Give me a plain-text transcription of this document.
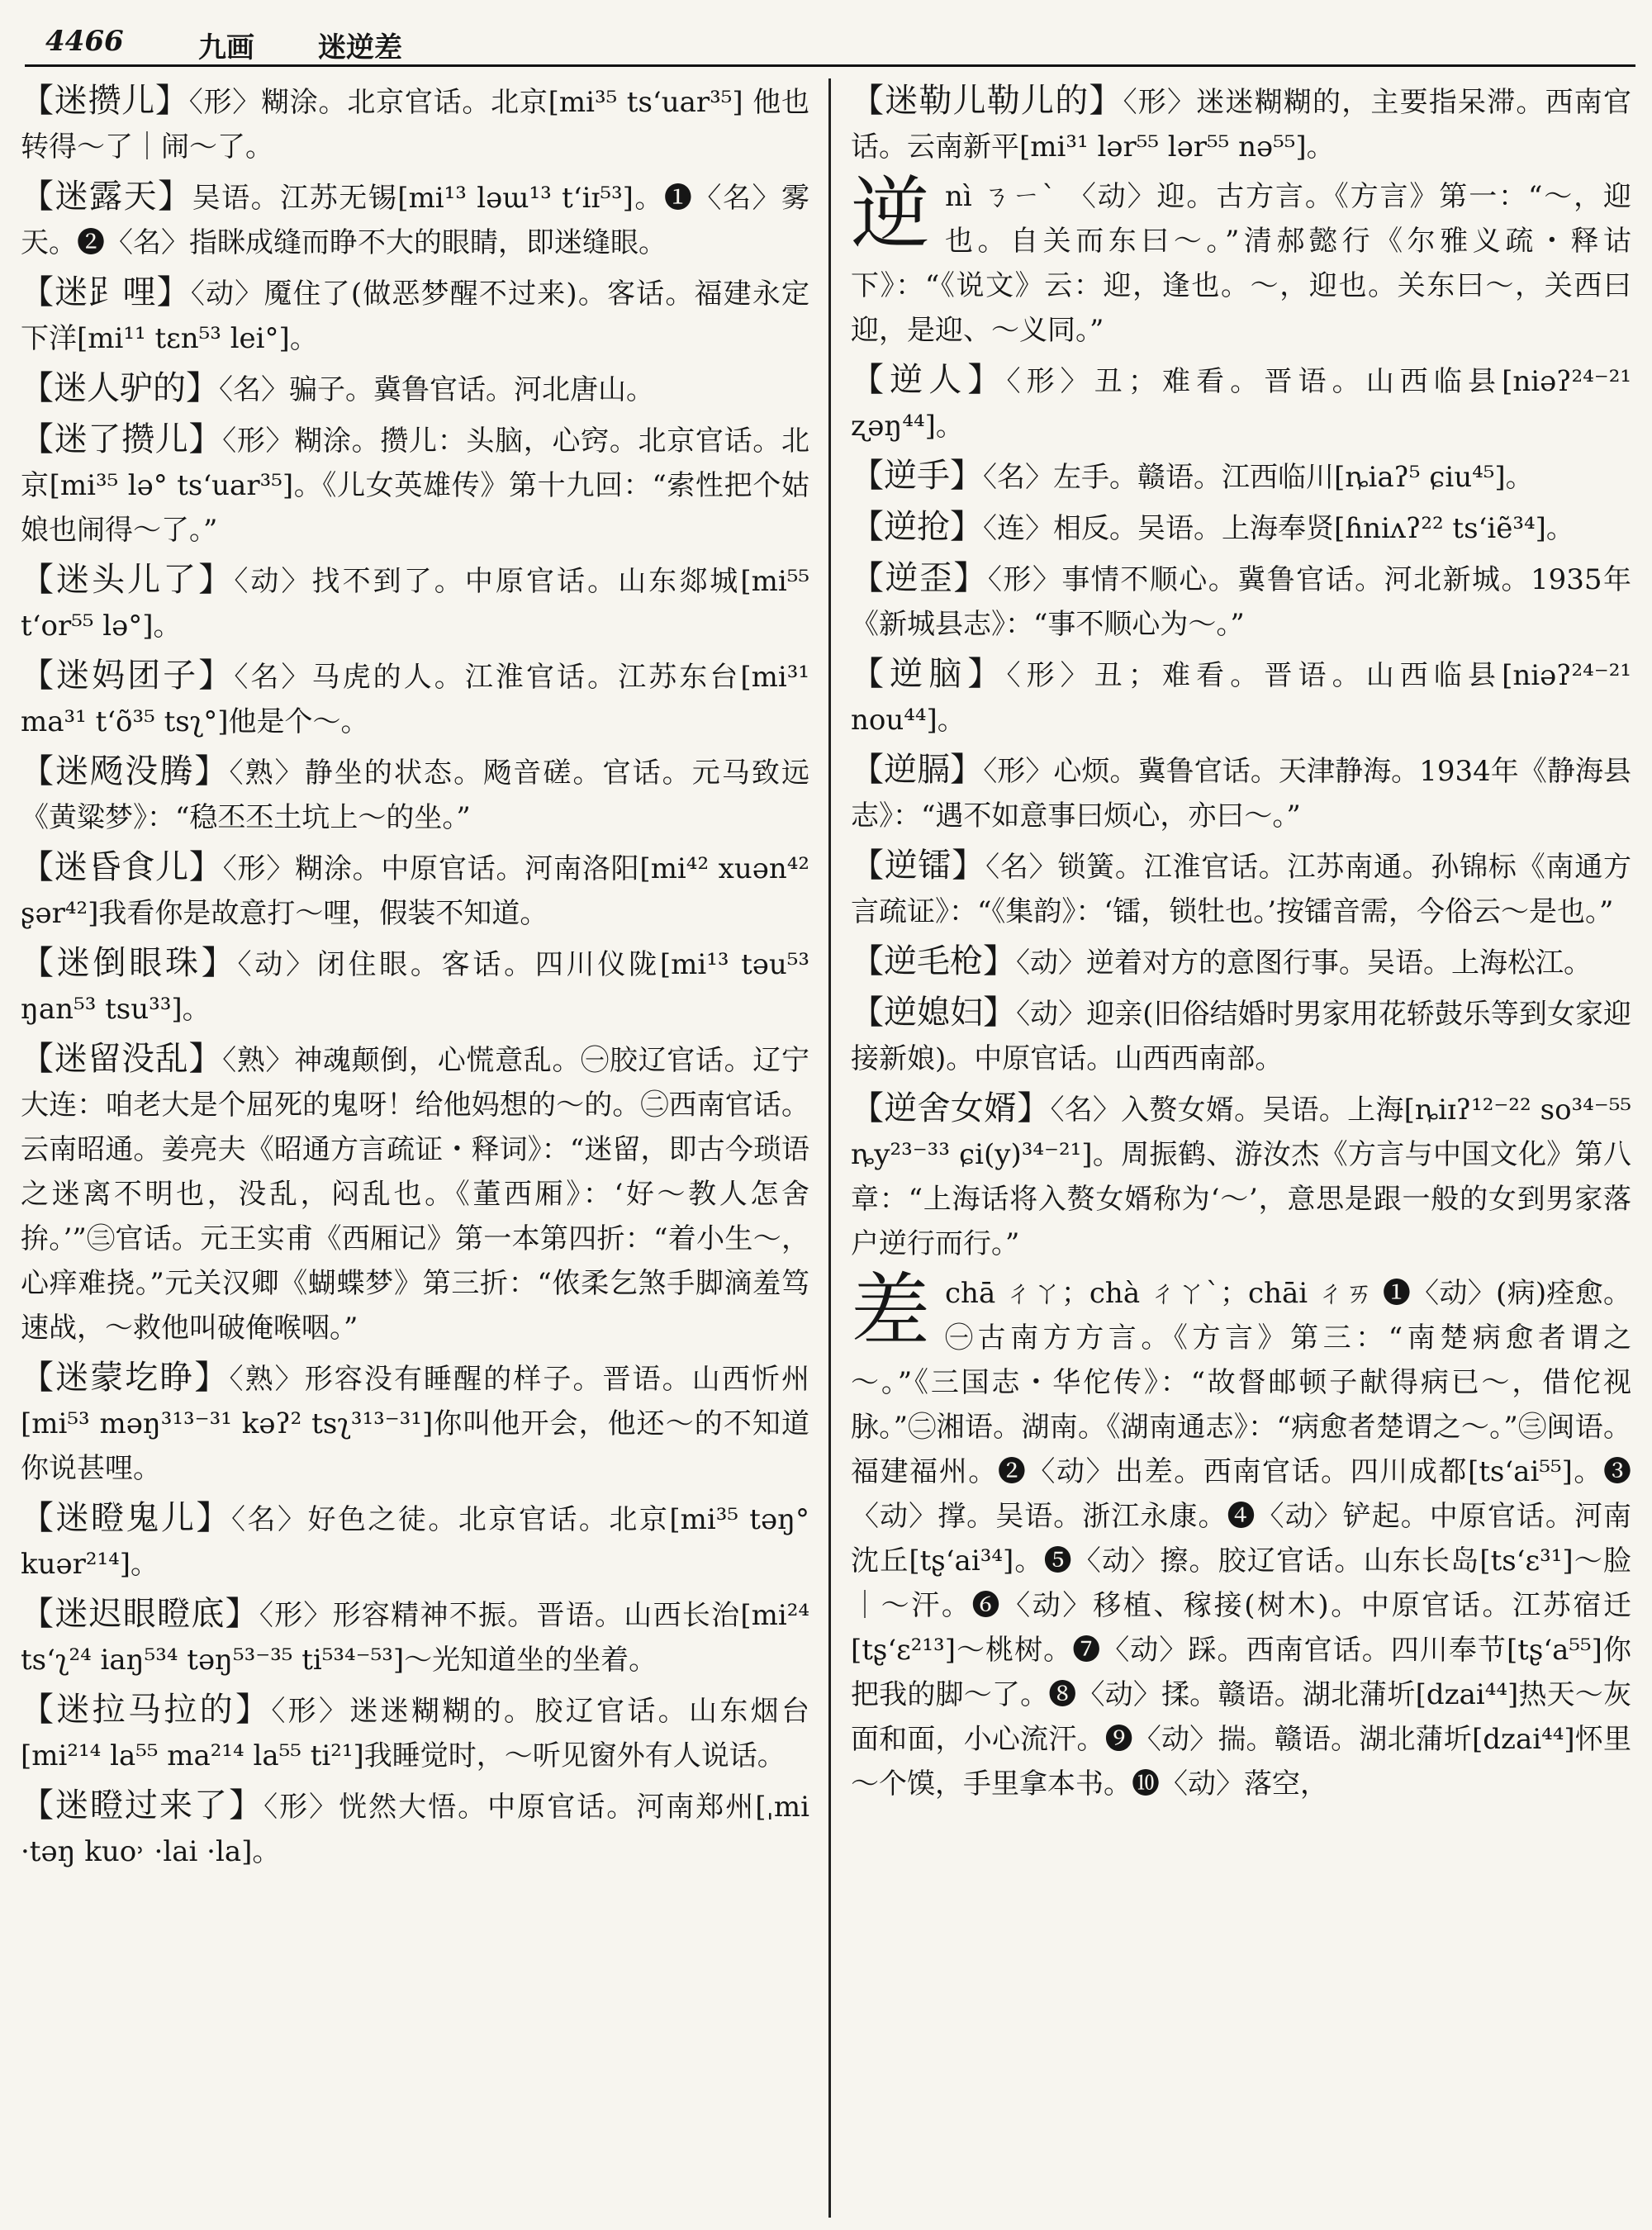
4466	九画 迷逆差

【迷攒儿】〈形〉糊涂。北京官话。北京[mi³⁵ ts‘uar³⁵] 他也转得～了｜闹～了。

【迷露天】吴语。江苏无锡[mi¹³ ləɯ¹³ t‘iɪ⁵³]。❶〈名〉雾天。❷〈名〉指眯成缝而睁不大的眼睛，即迷缝眼。

【迷𧾷哩】〈动〉魇住了(做恶梦醒不过来)。客话。福建永定下洋[mi¹¹ tɛn⁵³ lei°]。

【迷人驴的】〈名〉骗子。冀鲁官话。河北唐山。

【迷了攒儿】〈形〉糊涂。攒儿：头脑，心窍。北京官话。北京[mi³⁵ lə° ts‘uar³⁵]。《儿女英雄传》第十九回：“索性把个姑娘也闹得～了。”

【迷头儿了】〈动〉找不到了。中原官话。山东郯城[mi⁵⁵ t‘or⁵⁵ lə°]。

【迷妈团子】〈名〉马虎的人。江淮官话。江苏东台[mi³¹ ma³¹ t‘õ³⁵ tsʅ°]他是个～。

【迷飏没腾】〈熟〉静坐的状态。飏音磋。官话。元马致远《黄粱梦》：“稳丕丕土坑上～的坐。”

【迷昏食儿】〈形〉糊涂。中原官话。河南洛阳[mi⁴² xuən⁴² ʂər⁴²]我看你是故意打～哩，假装不知道。

【迷倒眼珠】〈动〉闭住眼。客话。四川仪陇[mi¹³ təu⁵³ ŋan⁵³ tsu³³]。

【迷留没乱】〈熟〉神魂颠倒，心慌意乱。㊀胶辽官话。辽宁大连：咱老大是个屈死的鬼呀！给他妈想的～的。㊁西南官话。云南昭通。姜亮夫《昭通方言疏证・释词》：“迷留，即古今琐语之迷离不明也，没乱，闷乱也。《董西厢》：‘好～教人怎舍拚。’”㊂官话。元王实甫《西厢记》第一本第四折：“着小生～，心痒难挠。”元关汉卿《蝴蝶梦》第三折：“侬柔乞煞手脚滴羞笃速战，～救他叫破俺喉咽。”

【迷蒙圪睁】〈熟〉形容没有睡醒的样子。晋语。山西忻州[mi⁵³ məŋ³¹³⁻³¹ kəʔ² tsʅ³¹³⁻³¹]你叫他开会，他还～的不知道你说甚哩。

【迷瞪鬼儿】〈名〉好色之徒。北京官话。北京[mi³⁵ təŋ° kuər²¹⁴]。

【迷迟眼瞪底】〈形〉形容精神不振。晋语。山西长治[mi²⁴ ts‘ʅ²⁴ iaŋ⁵³⁴ təŋ⁵³⁻³⁵ ti⁵³⁴⁻⁵³]～光知道坐的坐着。

【迷拉马拉的】〈形〉迷迷糊糊的。胶辽官话。山东烟台[mi²¹⁴ la⁵⁵ ma²¹⁴ la⁵⁵ ti²¹]我睡觉时，～听见窗外有人说话。

【迷瞪过来了】〈形〉恍然大悟。中原官话。河南郑州[ˌmi ·təŋ kuo˒ ·lai ·la]。

【迷勒儿勒儿的】〈形〉迷迷糊糊的，主要指呆滞。西南官话。云南新平[mi³¹ lər⁵⁵ lər⁵⁵ nə⁵⁵]。

逆nì ㄋㄧˋ 〈动〉迎。古方言。《方言》第一：“～，迎也。自关而东曰～。”清郝懿行《尔雅义疏・释诂下》：“《说文》云：迎，逢也。～，迎也。关东曰～，关西曰迎，是迎、～义同。”

【逆人】〈形〉丑；难看。晋语。山西临县[niəʔ²⁴⁻²¹ ʐəŋ⁴⁴]。

【逆手】〈名〉左手。赣语。江西临川[ȵiaʔ⁵ ɕiu⁴⁵]。

【逆抢】〈连〉相反。吴语。上海奉贤[ɦniʌʔ²² ts‘iẽ³⁴]。

【逆歪】〈形〉事情不顺心。冀鲁官话。河北新城。1935年《新城县志》：“事不顺心为～。”

【逆脑】〈形〉丑；难看。晋语。山西临县[niəʔ²⁴⁻²¹ nou⁴⁴]。

【逆膈】〈形〉心烦。冀鲁官话。天津静海。1934年《静海县志》：“遇不如意事曰烦心，亦曰～。”

【逆镭】〈名〉锁簧。江淮官话。江苏南通。孙锦标《南通方言疏证》：“《集韵》：‘镭，锁牡也。’按镭音需，今俗云～是也。”

【逆毛枪】〈动〉逆着对方的意图行事。吴语。上海松江。

【逆媳妇】〈动〉迎亲(旧俗结婚时男家用花轿鼓乐等到女家迎接新娘)。中原官话。山西西南部。

【逆舍女婿】〈名〉入赘女婿。吴语。上海[ȵiɪʔ¹²⁻²² so³⁴⁻⁵⁵ ȵy²³⁻³³ ɕi(y)³⁴⁻²¹]。周振鹤、游汝杰《方言与中国文化》第八章：“上海话将入赘女婿称为‘～’，意思是跟一般的女到男家落户逆行而行。”

差chā ㄔㄚ；chà ㄔㄚˋ；chāi ㄔㄞ ❶〈动〉(病)痊愈。㊀古南方方言。《方言》第三：“南楚病愈者谓之～。”《三国志・华佗传》：“故督邮顿子献得病已～，借佗视脉。”㊁湘语。湖南。《湖南通志》：“病愈者楚谓之～。”㊂闽语。福建福州。❷〈动〉出差。西南官话。四川成都[ts‘ai⁵⁵]。❸〈动〉撑。吴语。浙江永康。❹〈动〉铲起。中原官话。河南沈丘[tʂ‘ai³⁴]。❺〈动〉擦。胶辽官话。山东长岛[ts‘ɛ³¹]～脸｜～汗。❻〈动〉移植、稼接(树木)。中原官话。江苏宿迁[tʂ‘ɛ²¹³]～桃树。❼〈动〉踩。西南官话。四川奉节[tʂ‘a⁵⁵]你把我的脚～了。❽〈动〉揉。赣语。湖北蒲圻[dzai⁴⁴]热天～灰面和面，小心流汗。❾〈动〉揣。赣语。湖北蒲圻[dzai⁴⁴]怀里～个馍，手里拿本书。❿〈动〉落空，
